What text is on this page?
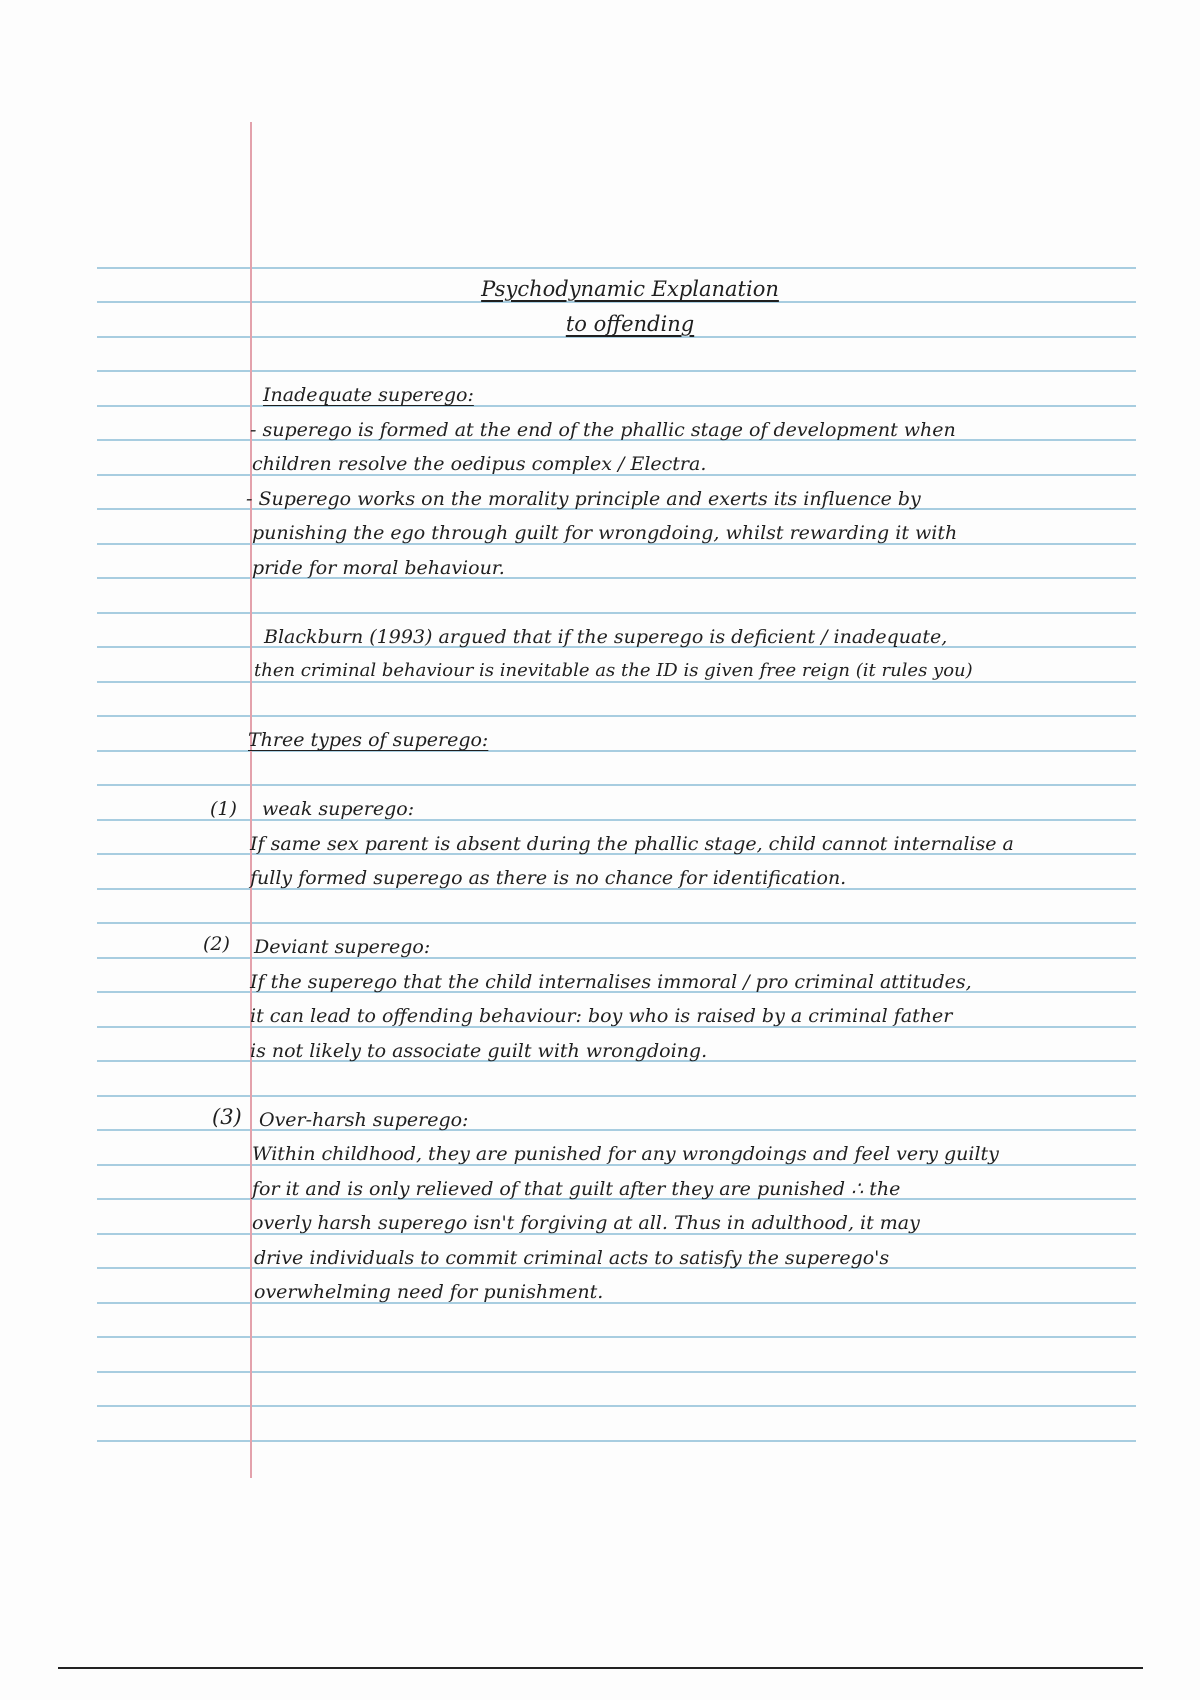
Psychodynamic Explanation
to offending
Inadequate superego:
- superego is formed at the end of the phallic stage of development when
children resolve the oedipus complex / Electra.
- Superego works on the morality principle and exerts its influence by
punishing the ego through guilt for wrongdoing, whilst rewarding it with
pride for moral behaviour.
Blackburn (1993) argued that if the superego is deficient / inadequate,
then criminal behaviour is inevitable as the ID is given free reign (it rules you)
Three types of superego:
(1) weak superego:
If same sex parent is absent during the phallic stage, child cannot internalise a
fully formed superego as there is no chance for identification.
(2) Deviant superego:
If the superego that the child internalises immoral / pro criminal attitudes,
it can lead to offending behaviour: boy who is raised by a criminal father
is not likely to associate guilt with wrongdoing.
(3) Over-harsh superego:
Within childhood, they are punished for any wrongdoings and feel very guilty
for it and is only relieved of that guilt after they are punished ∴ the
overly harsh superego isn't forgiving at all. Thus in adulthood, it may
drive individuals to commit criminal acts to satisfy the superego's
overwhelming need for punishment.
